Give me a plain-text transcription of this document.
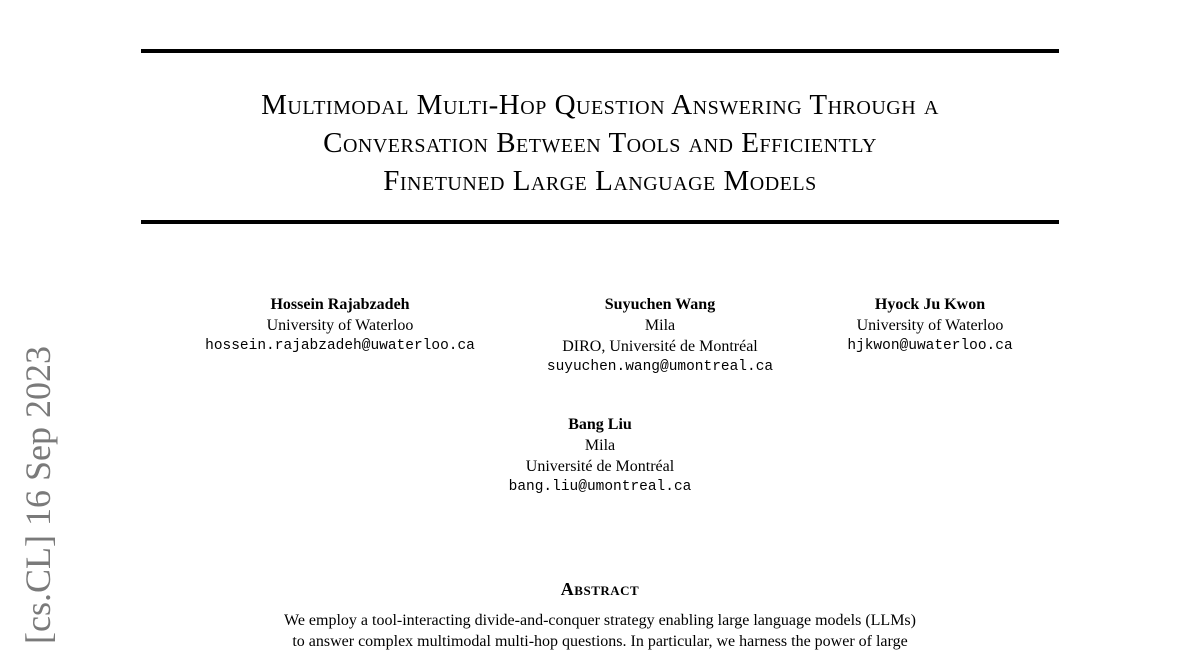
Multimodal Multi-Hop Question Answering Through a
Conversation Between Tools and Efficiently
Finetuned Large Language Models
Hossein Rajabzadeh
University of Waterloo
hossein.rajabzadeh@uwaterloo.ca
Suyuchen Wang
Mila
DIRO, Université de Montréal
suyuchen.wang@umontreal.ca
Hyock Ju Kwon
University of Waterloo
hjkwon@uwaterloo.ca
Bang Liu
Mila
Université de Montréal
bang.liu@umontreal.ca
Abstract
We employ a tool-interacting divide-and-conquer strategy enabling large language models (LLMs)
to answer complex multimodal multi-hop questions. In particular, we harness the power of large
[cs.CL] 16 Sep 2023
